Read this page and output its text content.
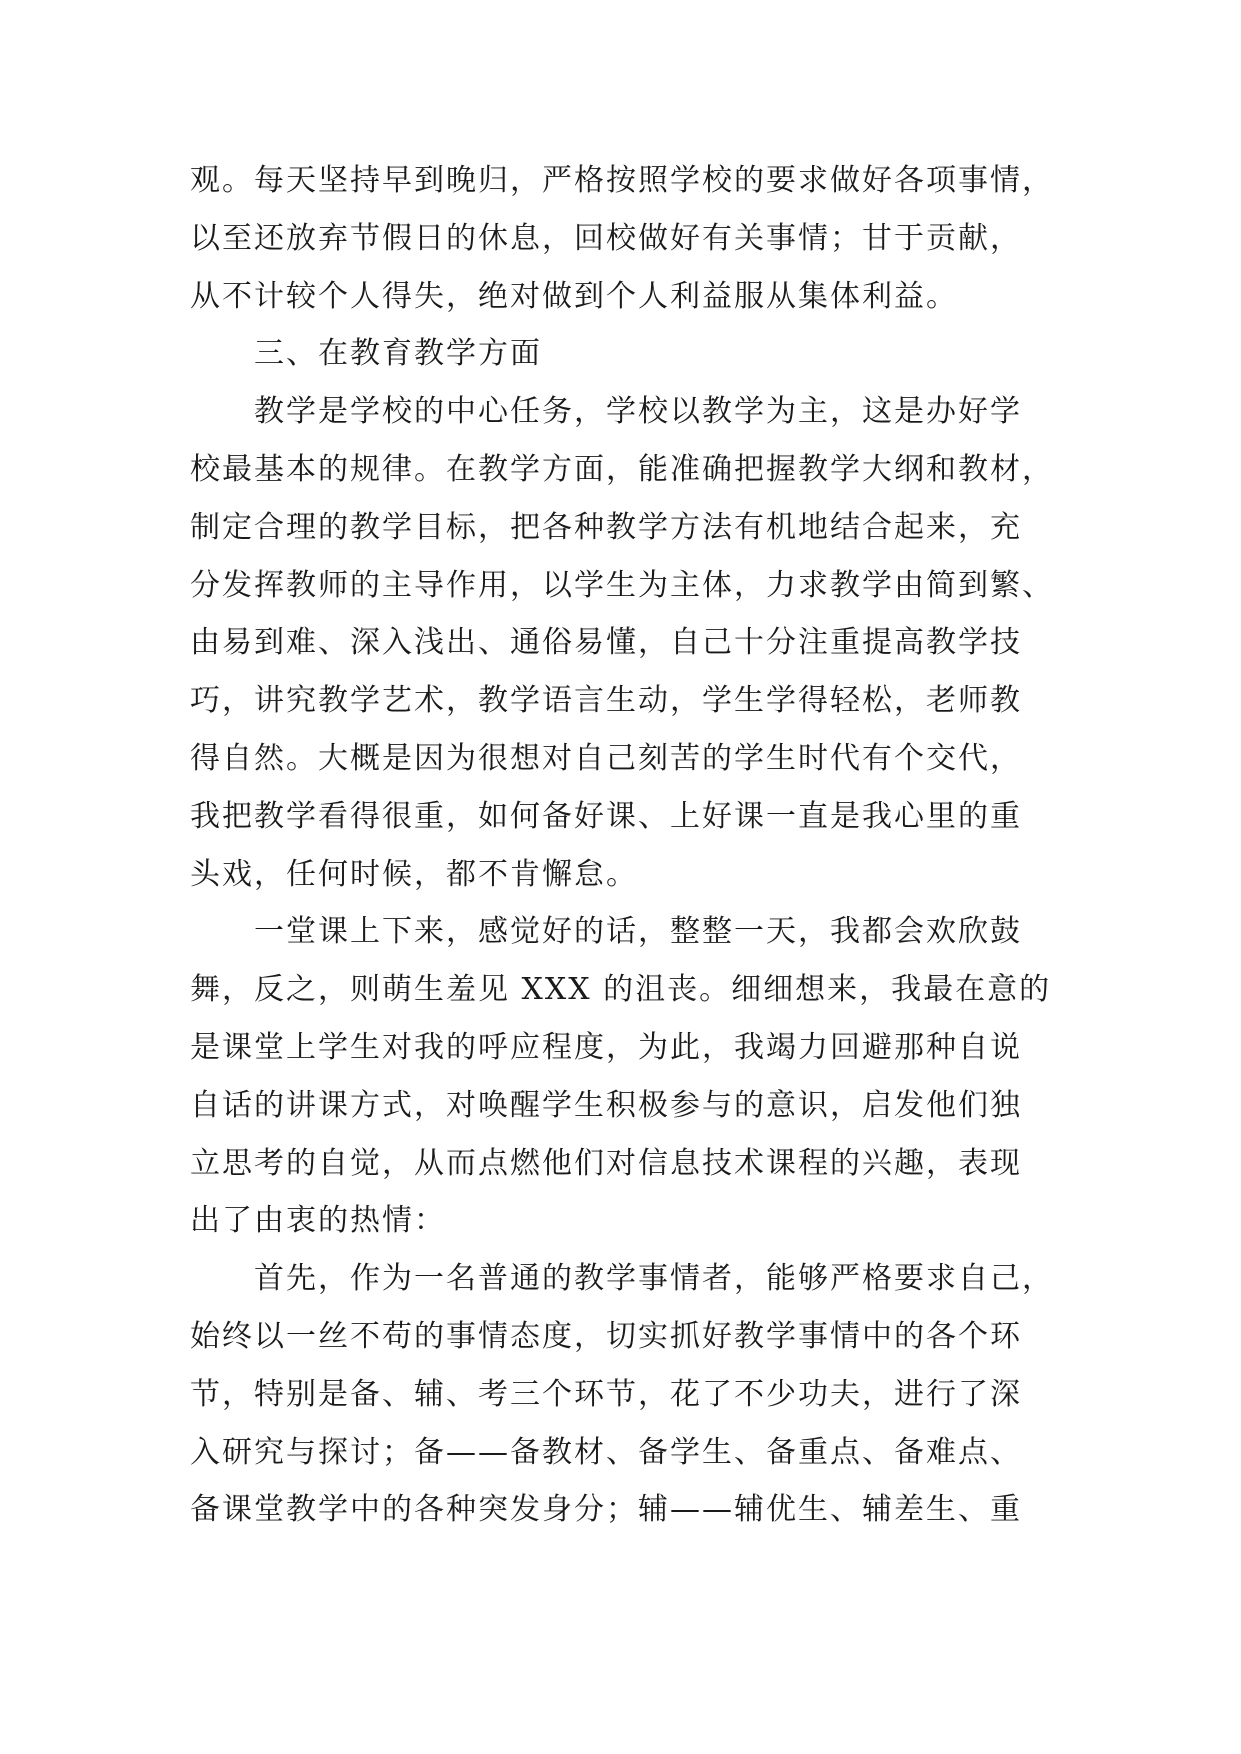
观。每天坚持早到晚归，严格按照学校的要求做好各项事情，
以至还放弃节假日的休息，回校做好有关事情；甘于贡献，
从不计较个人得失，绝对做到个人利益服从集体利益。
三、在教育教学方面
教学是学校的中心任务，学校以教学为主，这是办好学
校最基本的规律。在教学方面，能准确把握教学大纲和教材，
制定合理的教学目标，把各种教学方法有机地结合起来，充
分发挥教师的主导作用，以学生为主体，力求教学由简到繁、
由易到难、深入浅出、通俗易懂，自己十分注重提高教学技
巧，讲究教学艺术，教学语言生动，学生学得轻松，老师教
得自然。大概是因为很想对自己刻苦的学生时代有个交代，
我把教学看得很重，如何备好课、上好课一直是我心里的重
头戏，任何时候，都不肯懈怠。
一堂课上下来，感觉好的话，整整一天，我都会欢欣鼓
舞，反之，则萌生羞见 XXX 的沮丧。细细想来，我最在意的
是课堂上学生对我的呼应程度，为此，我竭力回避那种自说
自话的讲课方式，对唤醒学生积极参与的意识，启发他们独
立思考的自觉，从而点燃他们对信息技术课程的兴趣，表现
出了由衷的热情：
首先，作为一名普通的教学事情者，能够严格要求自己，
始终以一丝不苟的事情态度，切实抓好教学事情中的各个环
节，特别是备、辅、考三个环节，花了不少功夫，进行了深
入研究与探讨；备——备教材、备学生、备重点、备难点、
备课堂教学中的各种突发身分；辅——辅优生、辅差生、重
